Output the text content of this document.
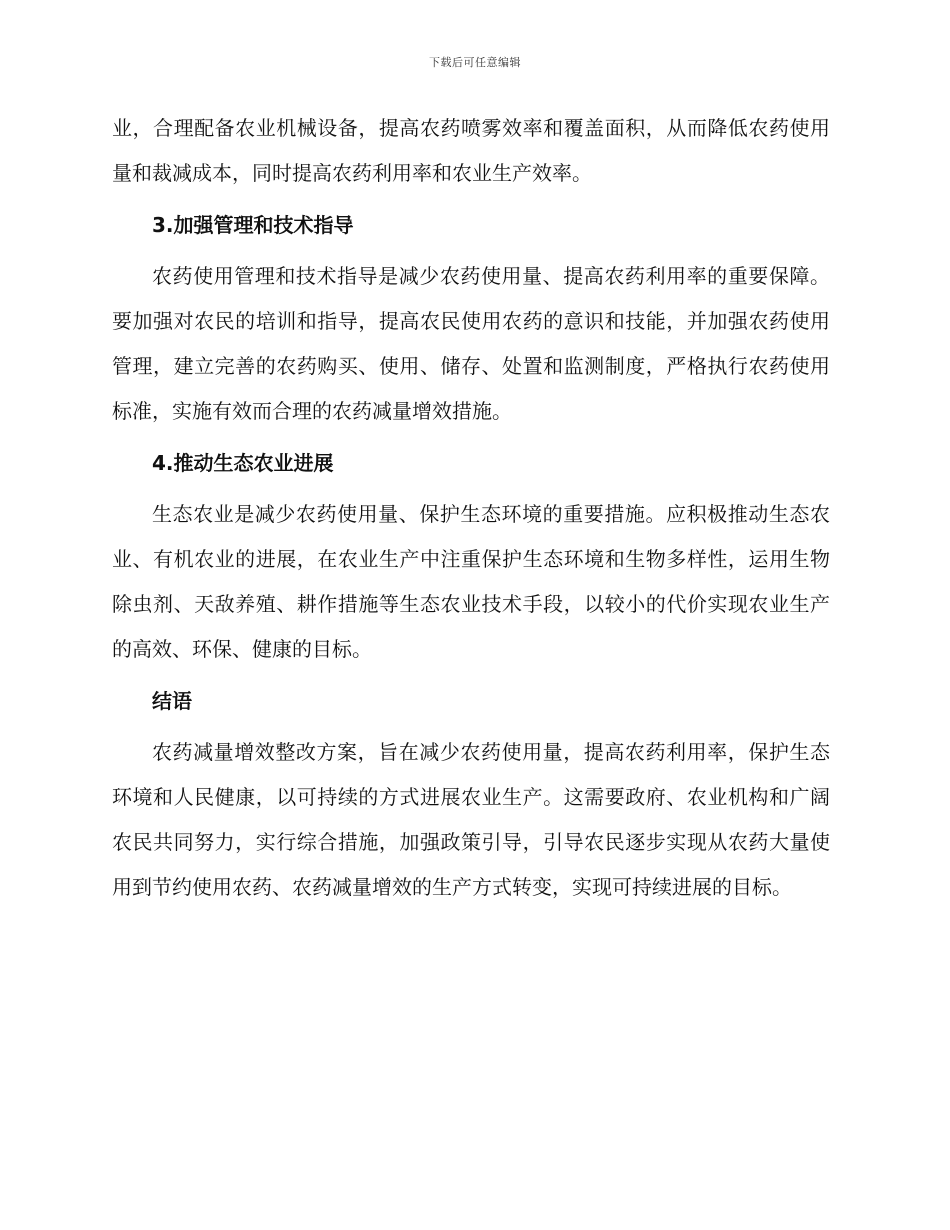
下载后可任意编辑

业，合理配备农业机械设备，提高农药喷雾效率和覆盖面积，从而降低农药使用量和裁减成本，同时提高农药利用率和农业生产效率。

3.加强管理和技术指导

农药使用管理和技术指导是减少农药使用量、提高农药利用率的重要保障。要加强对农民的培训和指导，提高农民使用农药的意识和技能，并加强农药使用管理，建立完善的农药购买、使用、储存、处置和监测制度，严格执行农药使用标准，实施有效而合理的农药减量增效措施。

4.推动生态农业进展

生态农业是减少农药使用量、保护生态环境的重要措施。应积极推动生态农业、有机农业的进展，在农业生产中注重保护生态环境和生物多样性，运用生物除虫剂、天敌养殖、耕作措施等生态农业技术手段，以较小的代价实现农业生产的高效、环保、健康的目标。

结语

农药减量增效整改方案，旨在减少农药使用量，提高农药利用率，保护生态环境和人民健康，以可持续的方式进展农业生产。这需要政府、农业机构和广阔农民共同努力，实行综合措施，加强政策引导，引导农民逐步实现从农药大量使用到节约使用农药、农药减量增效的生产方式转变，实现可持续进展的目标。
